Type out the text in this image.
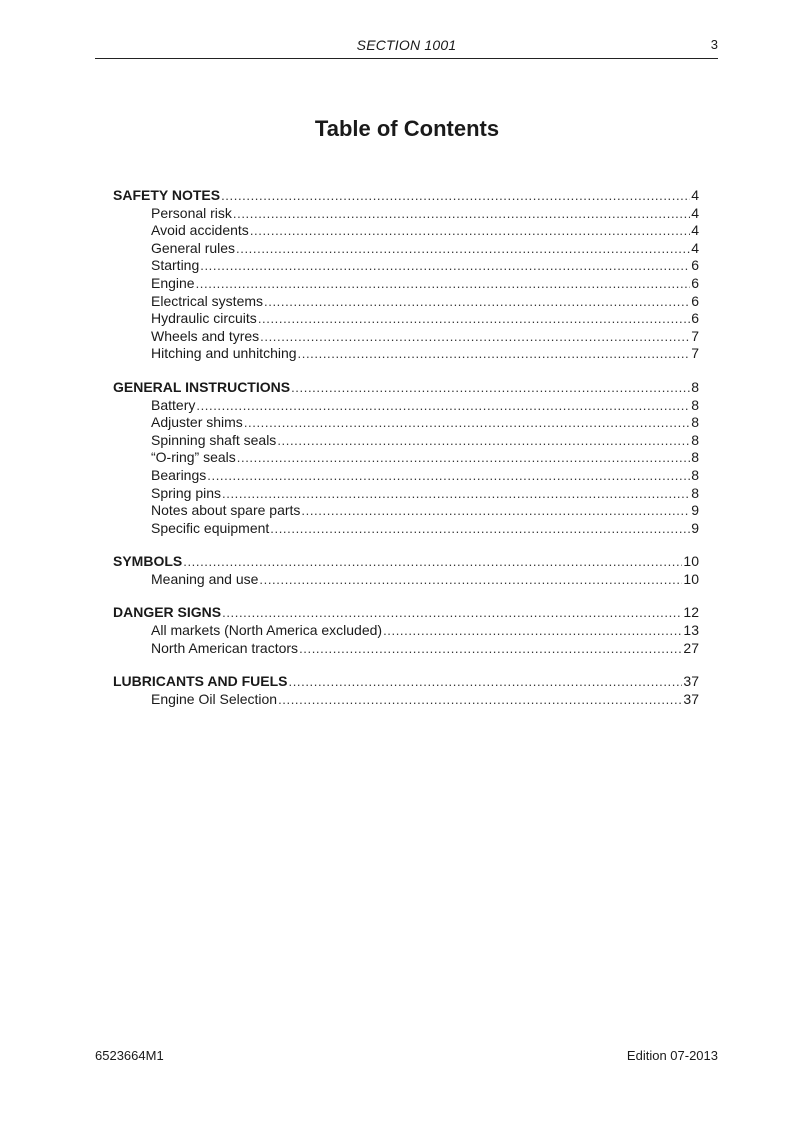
SECTION 1001	3
Table of Contents
SAFETY NOTES .....	4
Personal risk .....	4
Avoid accidents .....	4
General rules .....	4
Starting .....	6
Engine .....	6
Electrical systems .....	6
Hydraulic circuits .....	6
Wheels and tyres .....	7
Hitching and unhitching .....	7
GENERAL INSTRUCTIONS .....	8
Battery .....	8
Adjuster shims .....	8
Spinning shaft seals .....	8
“O-ring” seals .....	8
Bearings .....	8
Spring pins .....	8
Notes about spare parts .....	9
Specific equipment .....	9
SYMBOLS .....	10
Meaning and use .....	10
DANGER SIGNS .....	12
All markets (North America excluded) .....	13
North American tractors .....	27
LUBRICANTS AND FUELS .....	37
Engine Oil Selection .....	37
6523664M1	Edition 07-2013
